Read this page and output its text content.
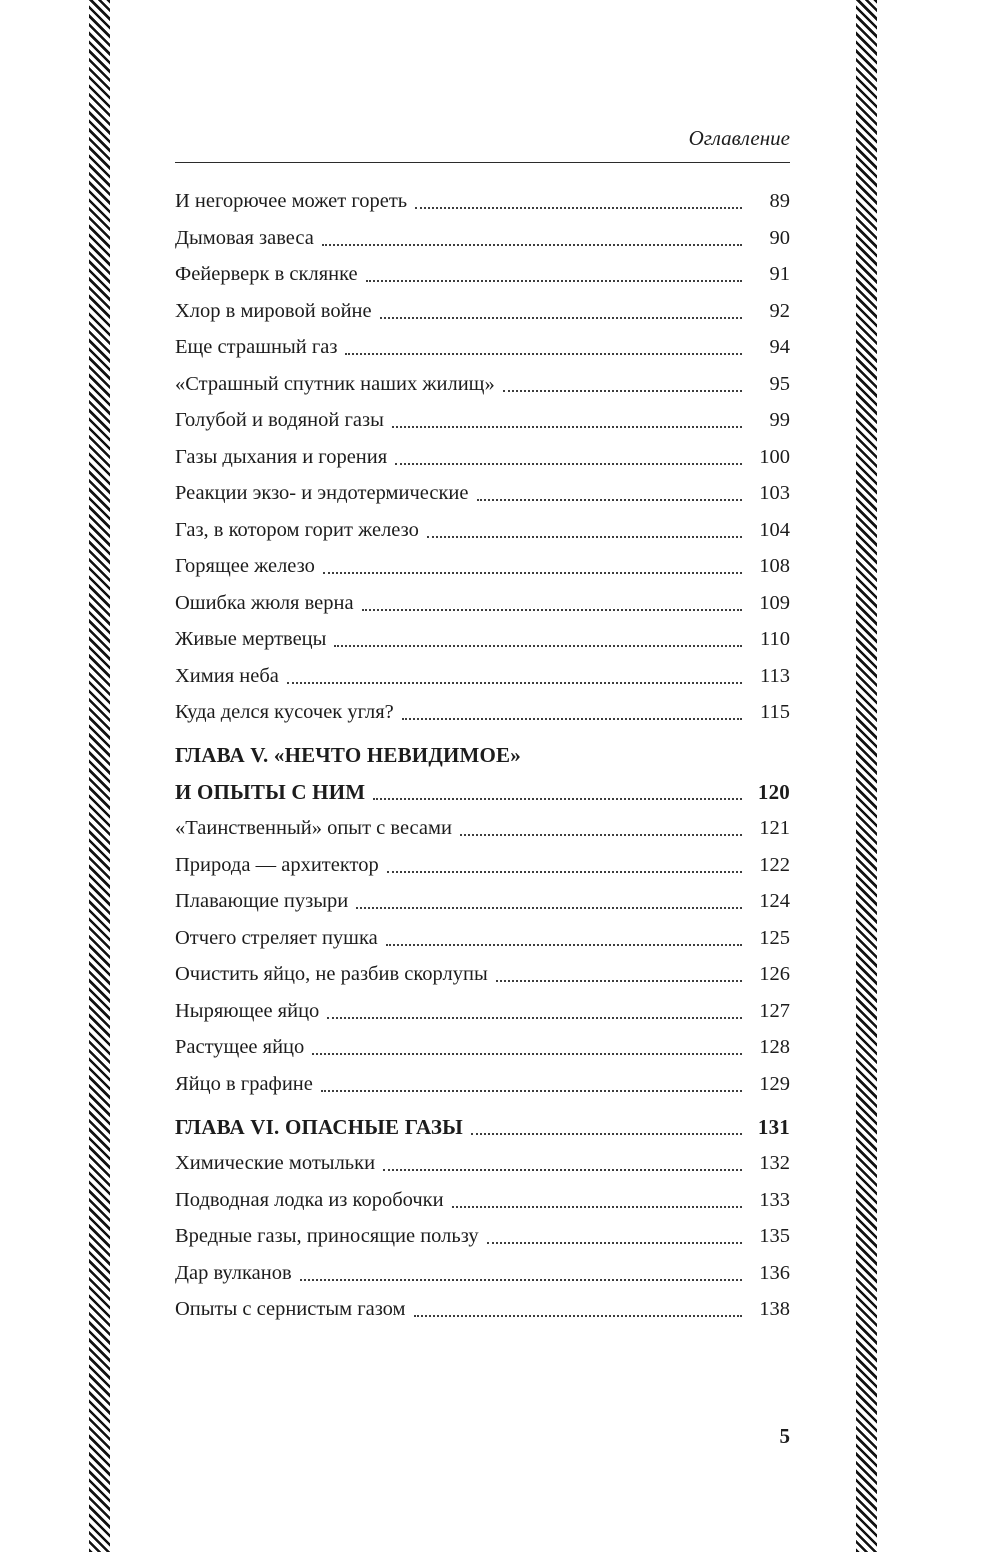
Оглавление
И негорючее может гореть	89
Дымовая завеса	90
Фейерверк в склянке	91
Хлор в мировой войне	92
Еще страшный газ	94
«Страшный спутник наших жилищ»	95
Голубой и водяной газы	99
Газы дыхания и горения	100
Реакции экзо- и эндотермические	103
Газ, в котором горит железо	104
Горящее железо	108
Ошибка жюля верна	109
Живые мертвецы	110
Химия неба	113
Куда делся кусочек угля?	115
ГЛАВА V. «НЕЧТО НЕВИДИМОЕ»
И ОПЫТЫ С НИМ	120
«Таинственный» опыт с весами	121
Природа — архитектор	122
Плавающие пузыри	124
Отчего стреляет пушка	125
Очистить яйцо, не разбив скорлупы	126
Ныряющее яйцо	127
Растущее яйцо	128
Яйцо в графине	129
ГЛАВА VI. ОПАСНЫЕ ГАЗЫ	131
Химические мотыльки	132
Подводная лодка из коробочки	133
Вредные газы, приносящие пользу	135
Дар вулканов	136
Опыты с сернистым газом	138
5
